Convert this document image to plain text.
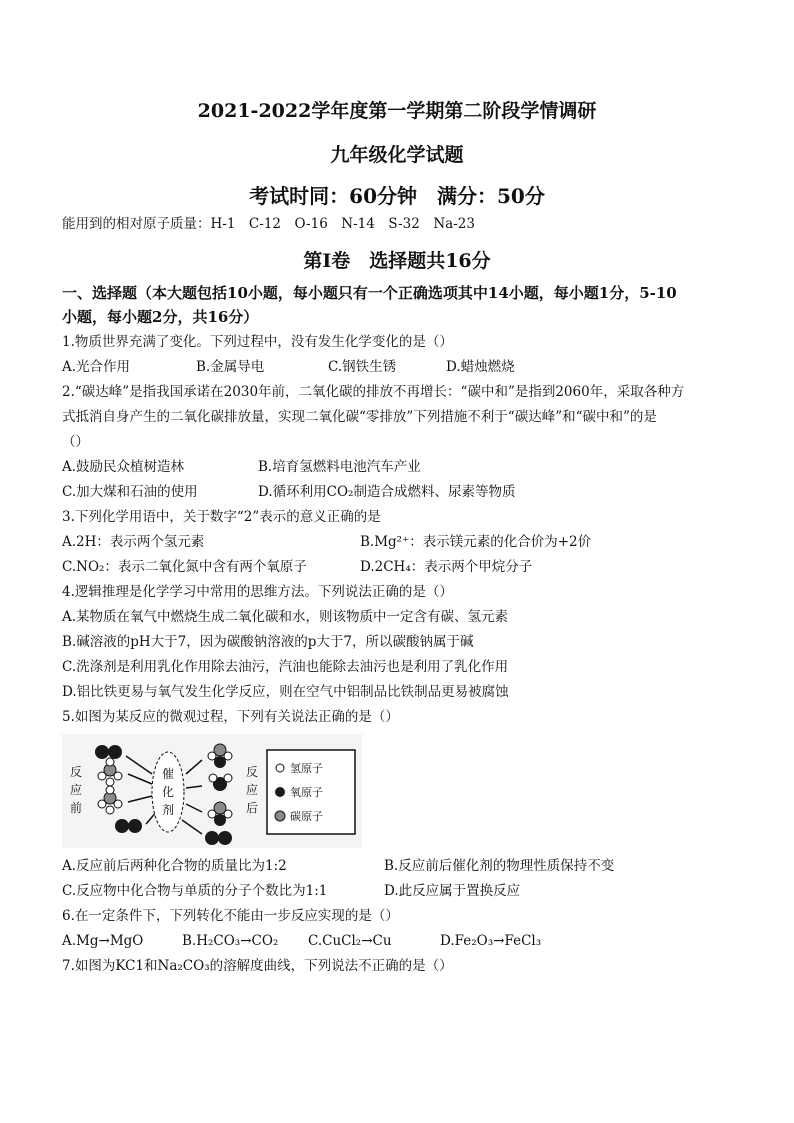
2021-2022学年度第一学期第二阶段学情调研
九年级化学试题
考试时同：60分钟　满分：50分
能用到的相对原子质量：H-1　C-12　O-16　N-14　S-32　Na-23
第Ⅰ卷　选择题共16分
一、选择题（本大题包括10小题，每小题只有一个正确选项其中14小题，每小题1分，5-10
小题，每小题2分，共16分）
1.物质世界充满了变化。下列过程中，没有发生化学变化的是（）
A.光合作用	B.金属导电	C.钢铁生锈	D.蜡烛燃烧
2.“碳达峰”是指我国承诺在2030年前，二氧化碳的排放不再增长：“碳中和”是指到2060年，采取各种方
式抵消自身产生的二氧化碳排放量，实现二氧化碳“零排放”下列措施不利于“碳达峰”和“碳中和”的是
（）
A.鼓励民众植树造林	B.培育氢燃料电池汽车产业
C.加大煤和石油的使用	D.循环利用CO₂制造合成燃料、尿素等物质
3.下列化学用语中，关于数字“2”表示的意义正确的是
A.2H：表示两个氢元素	B.Mg²⁺：表示镁元素的化合价为+2价
C.NO₂：表示二氧化氮中含有两个氧原子	D.2CH₄：表示两个甲烷分子
4.逻辑推理是化学学习中常用的思维方法。下列说法正确的是（）
A.某物质在氧气中燃烧生成二氧化碳和水，则该物质中一定含有碳、氢元素
B.碱溶液的pH大于7，因为碳酸钠溶液的p大于7，所以碳酸钠属于碱
C.洗涤剂是利用乳化作用除去油污，汽油也能除去油污也是利用了乳化作用
D.铝比铁更易与氧气发生化学反应，则在空气中铝制品比铁制品更易被腐蚀
5.如图为某反应的微观过程，下列有关说法正确的是（）
反
应
前
催
化
剂
反
应
后
氢原子
氧原子
碳原子
A.反应前后两种化合物的质量比为1:2	B.反应前后催化剂的物理性质保持不变
C.反应物中化合物与单质的分子个数比为1:1	D.此反应属于置换反应
6.在一定条件下，下列转化不能由一步反应实现的是（）
A.Mg→MgO	B.H₂CO₃→CO₂ C.CuCl₂→Cu	D.Fe₂O₃→FeCl₃
7.如图为KC1和Na₂CO₃的溶解度曲线，下列说法不正确的是（）
